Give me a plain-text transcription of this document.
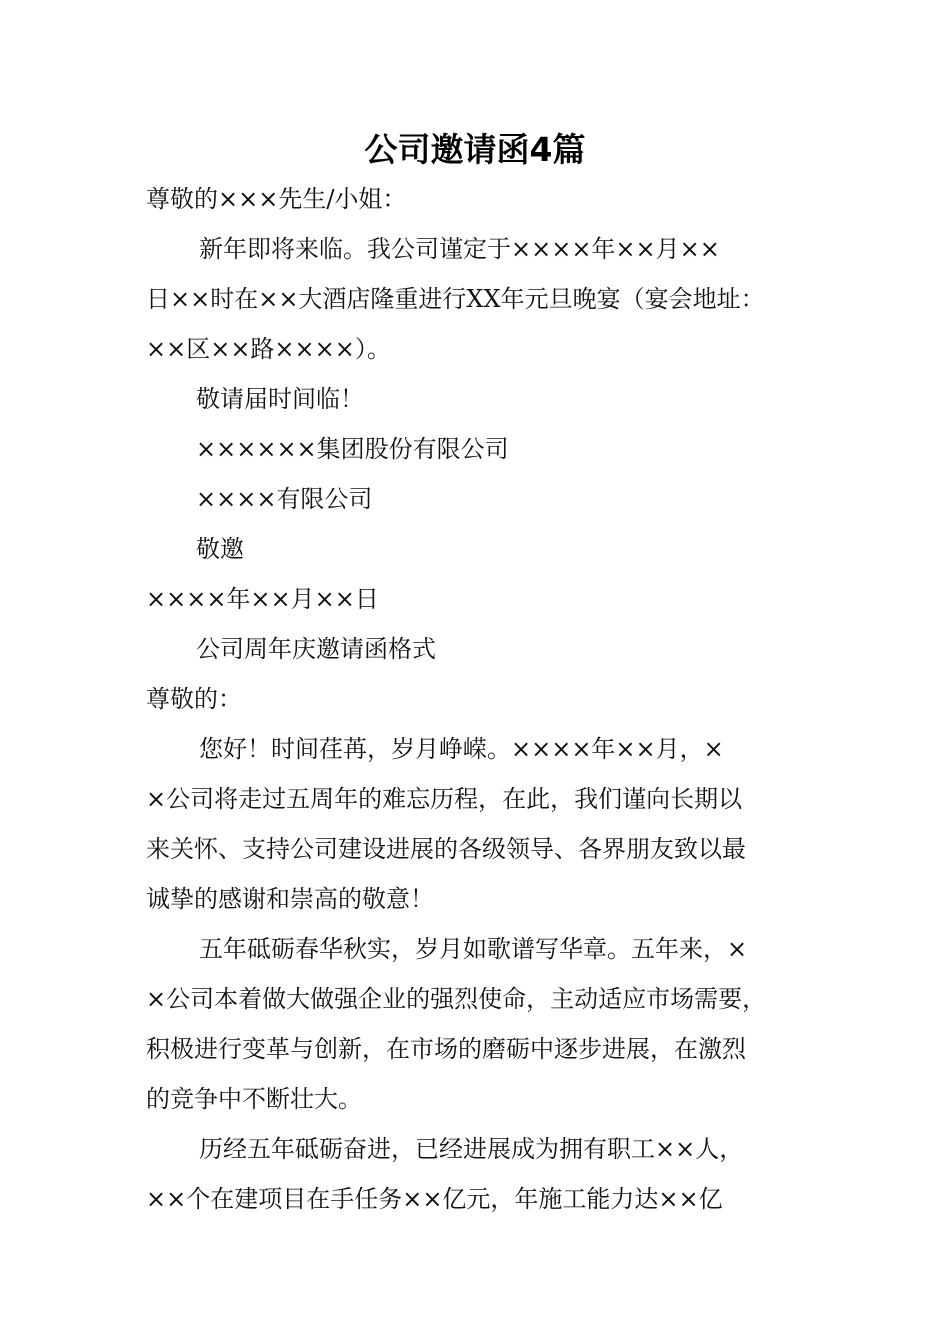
公司邀请函4篇

尊敬的×××先生/小姐：

新年即将来临。我公司谨定于××××年××月××

日××时在××大酒店隆重进行XX年元旦晚宴（宴会地址：

××区××路××××）。

敬请届时间临！

××××××集团股份有限公司

××××有限公司

敬邀

××××年××月××日

公司周年庆邀请函格式

尊敬的：

您好！时间荏苒，岁月峥嵘。××××年××月，×

×公司将走过五周年的难忘历程，在此，我们谨向长期以

来关怀、支持公司建设进展的各级领导、各界朋友致以最

诚挚的感谢和崇高的敬意！

五年砥砺春华秋实，岁月如歌谱写华章。五年来，×

×公司本着做大做强企业的强烈使命，主动适应市场需要，

积极进行变革与创新，在市场的磨砺中逐步进展，在激烈

的竞争中不断壮大。

历经五年砥砺奋进，已经进展成为拥有职工××人，

××个在建项目在手任务××亿元，年施工能力达××亿
